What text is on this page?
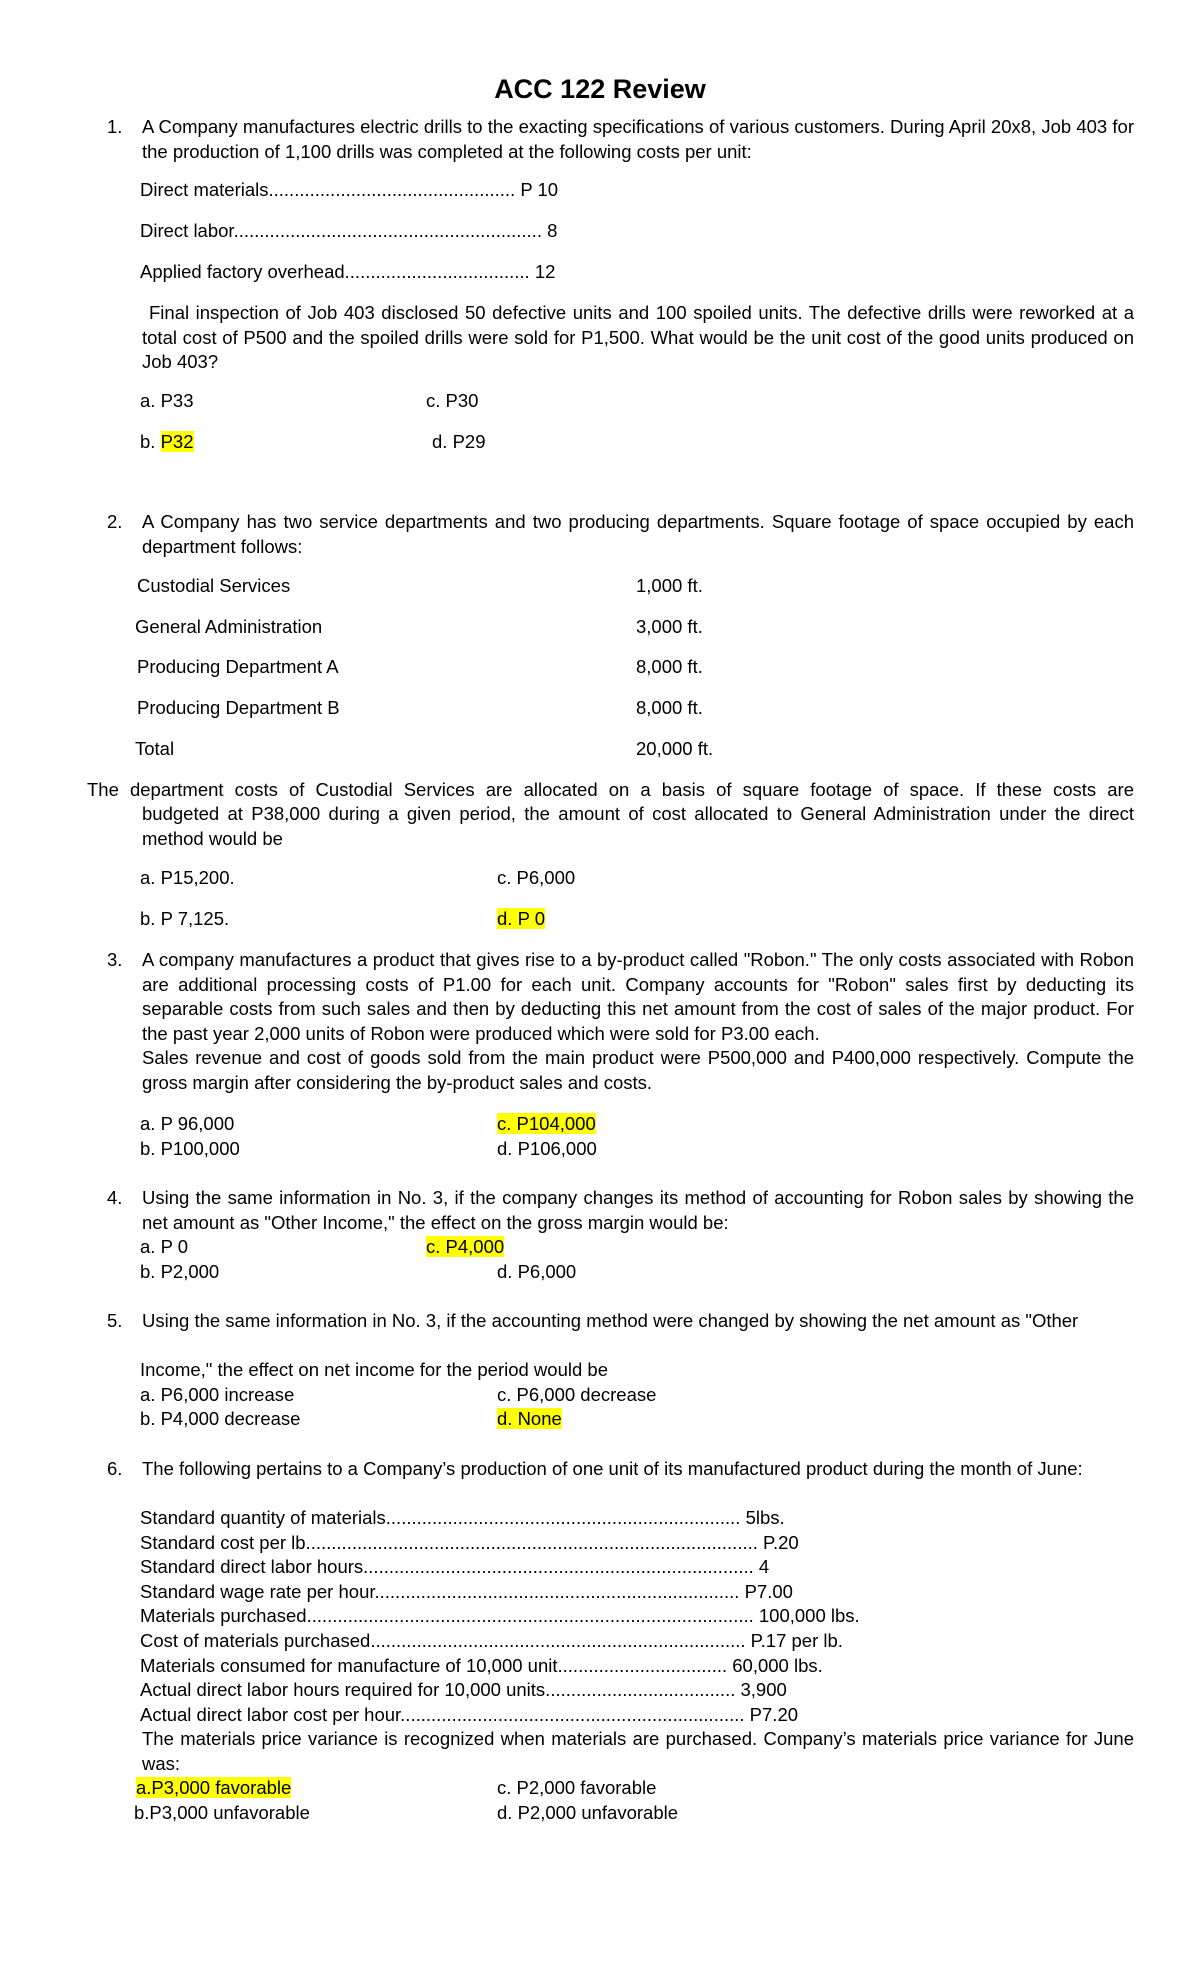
ACC 122 Review
1. A Company manufactures electric drills to the exacting specifications of various customers. During April 20x8, Job 403 for the production of 1,100 drills was completed at the following costs per unit:
Direct materials................................................ P 10
Direct labor............................................................ 8
Applied factory overhead.................................... 12
Final inspection of Job 403 disclosed 50 defective units and 100 spoiled units. The defective drills were reworked at a total cost of P500 and the spoiled drills were sold for P1,500. What would be the unit cost of the good units produced on Job 403?
a. P33	c. P30
b. P32	d. P29
2. A Company has two service departments and two producing departments. Square footage of space occupied by each department follows:
Custodial Services	1,000 ft.
General Administration	3,000 ft.
Producing Department A	8,000 ft.
Producing Department B	8,000 ft.
Total	20,000 ft.
The department costs of Custodial Services are allocated on a basis of square footage of space. If these costs are
budgeted at P38,000 during a given period, the amount of cost allocated to General Administration under the direct method would be
a. P15,200.	c. P6,000
b. P 7,125.	d. P 0
3. A company manufactures a product that gives rise to a by-product called "Robon." The only costs associated with Robon are additional processing costs of P1.00 for each unit. Company accounts for "Robon" sales first by deducting its separable costs from such sales and then by deducting this net amount from the cost of sales of the major product. For the past year 2,000 units of Robon were produced which were sold for P3.00 each.
Sales revenue and cost of goods sold from the main product were P500,000 and P400,000 respectively. Compute the gross margin after considering the by-product sales and costs.
a. P 96,000	c. P104,000
b. P100,000	d. P106,000
4. Using the same information in No. 3, if the company changes its method of accounting for Robon sales by showing the net amount as "Other Income," the effect on the gross margin would be:
a. P 0	c. P4,000
b. P2,000	d. P6,000
5. Using the same information in No. 3, if the accounting method were changed by showing the net amount as "Other
Income," the effect on net income for the period would be
a. P6,000 increase	c. P6,000 decrease
b. P4,000 decrease	d. None
6. The following pertains to a Company’s production of one unit of its manufactured product during the month of June:
Standard quantity of materials..................................................................... 5lbs.
Standard cost per lb........................................................................................ P.20
Standard direct labor hours............................................................................ 4
Standard wage rate per hour....................................................................... P7.00
Materials purchased....................................................................................... 100,000 lbs.
Cost of materials purchased......................................................................... P.17 per lb.
Materials consumed for manufacture of 10,000 unit................................. 60,000 lbs.
Actual direct labor hours required for 10,000 units..................................... 3,900
Actual direct labor cost per hour................................................................... P7.20
The materials price variance is recognized when materials are purchased. Company’s materials price variance for June was:
a.P3,000 favorable	c. P2,000 favorable
b.P3,000 unfavorable	d. P2,000 unfavorable
